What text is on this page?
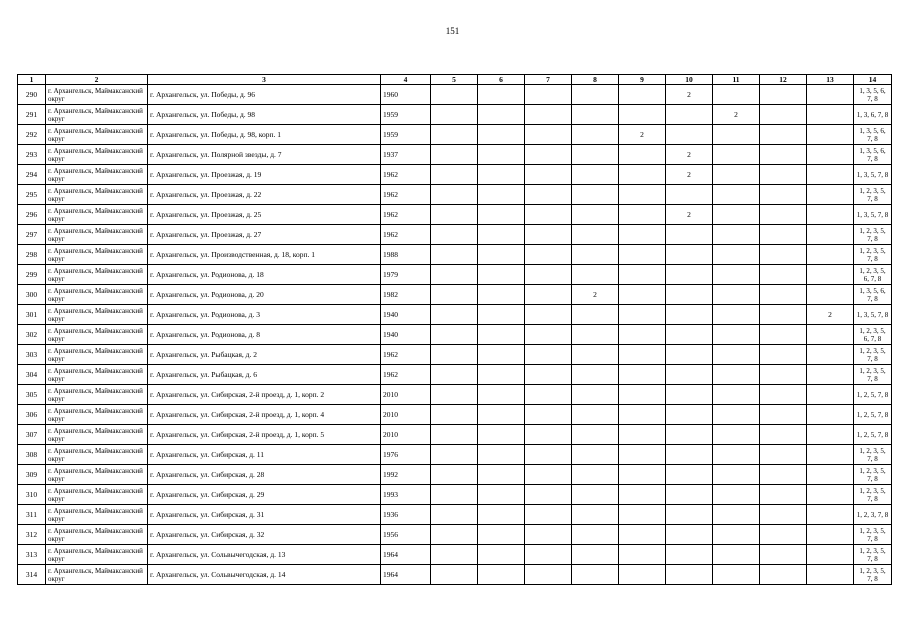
151
1	2	3	4	5	6	7	8	9	10	11	12	13	14
290	г. Архангельск, Маймаксанский округ	г. Архангельск, ул. Победы, д. 96	1960						2				1, 3, 5, 6, 7, 8
291	г. Архангельск, Маймаксанский округ	г. Архангельск, ул. Победы, д. 98	1959							2			1, 3, 6, 7, 8
292	г. Архангельск, Маймаксанский округ	г. Архангельск, ул. Победы, д. 98, корп. 1	1959					2					1, 3, 5, 6, 7, 8
293	г. Архангельск, Маймаксанский округ	г. Архангельск, ул. Полярной звезды, д. 7	1937						2				1, 3, 5, 6, 7, 8
294	г. Архангельск, Маймаксанский округ	г. Архангельск, ул. Проезжая, д. 19	1962						2				1, 3, 5, 7, 8
295	г. Архангельск, Маймаксанский округ	г. Архангельск, ул. Проезжая, д. 22	1962										1, 2, 3, 5, 7, 8
296	г. Архангельск, Маймаксанский округ	г. Архангельск, ул. Проезжая, д. 25	1962						2				1, 3, 5, 7, 8
297	г. Архангельск, Маймаксанский округ	г. Архангельск, ул. Проезжая, д. 27	1962										1, 2, 3, 5, 7, 8
298	г. Архангельск, Маймаксанский округ	г. Архангельск, ул. Производственная, д. 18, корп. 1	1988										1, 2, 3, 5, 7, 8
299	г. Архангельск, Маймаксанский округ	г. Архангельск, ул. Родионова, д. 18	1979										1, 2, 3, 5, 6, 7, 8
300	г. Архангельск, Маймаксанский округ	г. Архангельск, ул. Родионова, д. 20	1982				2						1, 3, 5, 6, 7, 8
301	г. Архангельск, Маймаксанский округ	г. Архангельск, ул. Родионова, д. 3	1940									2	1, 3, 5, 7, 8
302	г. Архангельск, Маймаксанский округ	г. Архангельск, ул. Родионова, д. 8	1940										1, 2, 3, 5, 6, 7, 8
303	г. Архангельск, Маймаксанский округ	г. Архангельск, ул. Рыбацкая, д. 2	1962										1, 2, 3, 5, 7, 8
304	г. Архангельск, Маймаксанский округ	г. Архангельск, ул. Рыбацкая, д. 6	1962										1, 2, 3, 5, 7, 8
305	г. Архангельск, Маймаксанский округ	г. Архангельск, ул. Сибирская, 2-й проезд, д. 1, корп. 2	2010										1, 2, 5, 7, 8
306	г. Архангельск, Маймаксанский округ	г. Архангельск, ул. Сибирская, 2-й проезд, д. 1, корп. 4	2010										1, 2, 5, 7, 8
307	г. Архангельск, Маймаксанский округ	г. Архангельск, ул. Сибирская, 2-й проезд, д. 1, корп. 5	2010										1, 2, 5, 7, 8
308	г. Архангельск, Маймаксанский округ	г. Архангельск, ул. Сибирская, д. 11	1976										1, 2, 3, 5, 7, 8
309	г. Архангельск, Маймаксанский округ	г. Архангельск, ул. Сибирская, д. 28	1992										1, 2, 3, 5, 7, 8
310	г. Архангельск, Маймаксанский округ	г. Архангельск, ул. Сибирская, д. 29	1993										1, 2, 3, 5, 7, 8
311	г. Архангельск, Маймаксанский округ	г. Архангельск, ул. Сибирская, д. 31	1936										1, 2, 3, 7, 8
312	г. Архангельск, Маймаксанский округ	г. Архангельск, ул. Сибирская, д. 32	1956										1, 2, 3, 5, 7, 8
313	г. Архангельск, Маймаксанский округ	г. Архангельск, ул. Сольвычегодская, д. 13	1964										1, 2, 3, 5, 7, 8
314	г. Архангельск, Маймаксанский округ	г. Архангельск, ул. Сольвычегодская, д. 14	1964										1, 2, 3, 5, 7, 8
